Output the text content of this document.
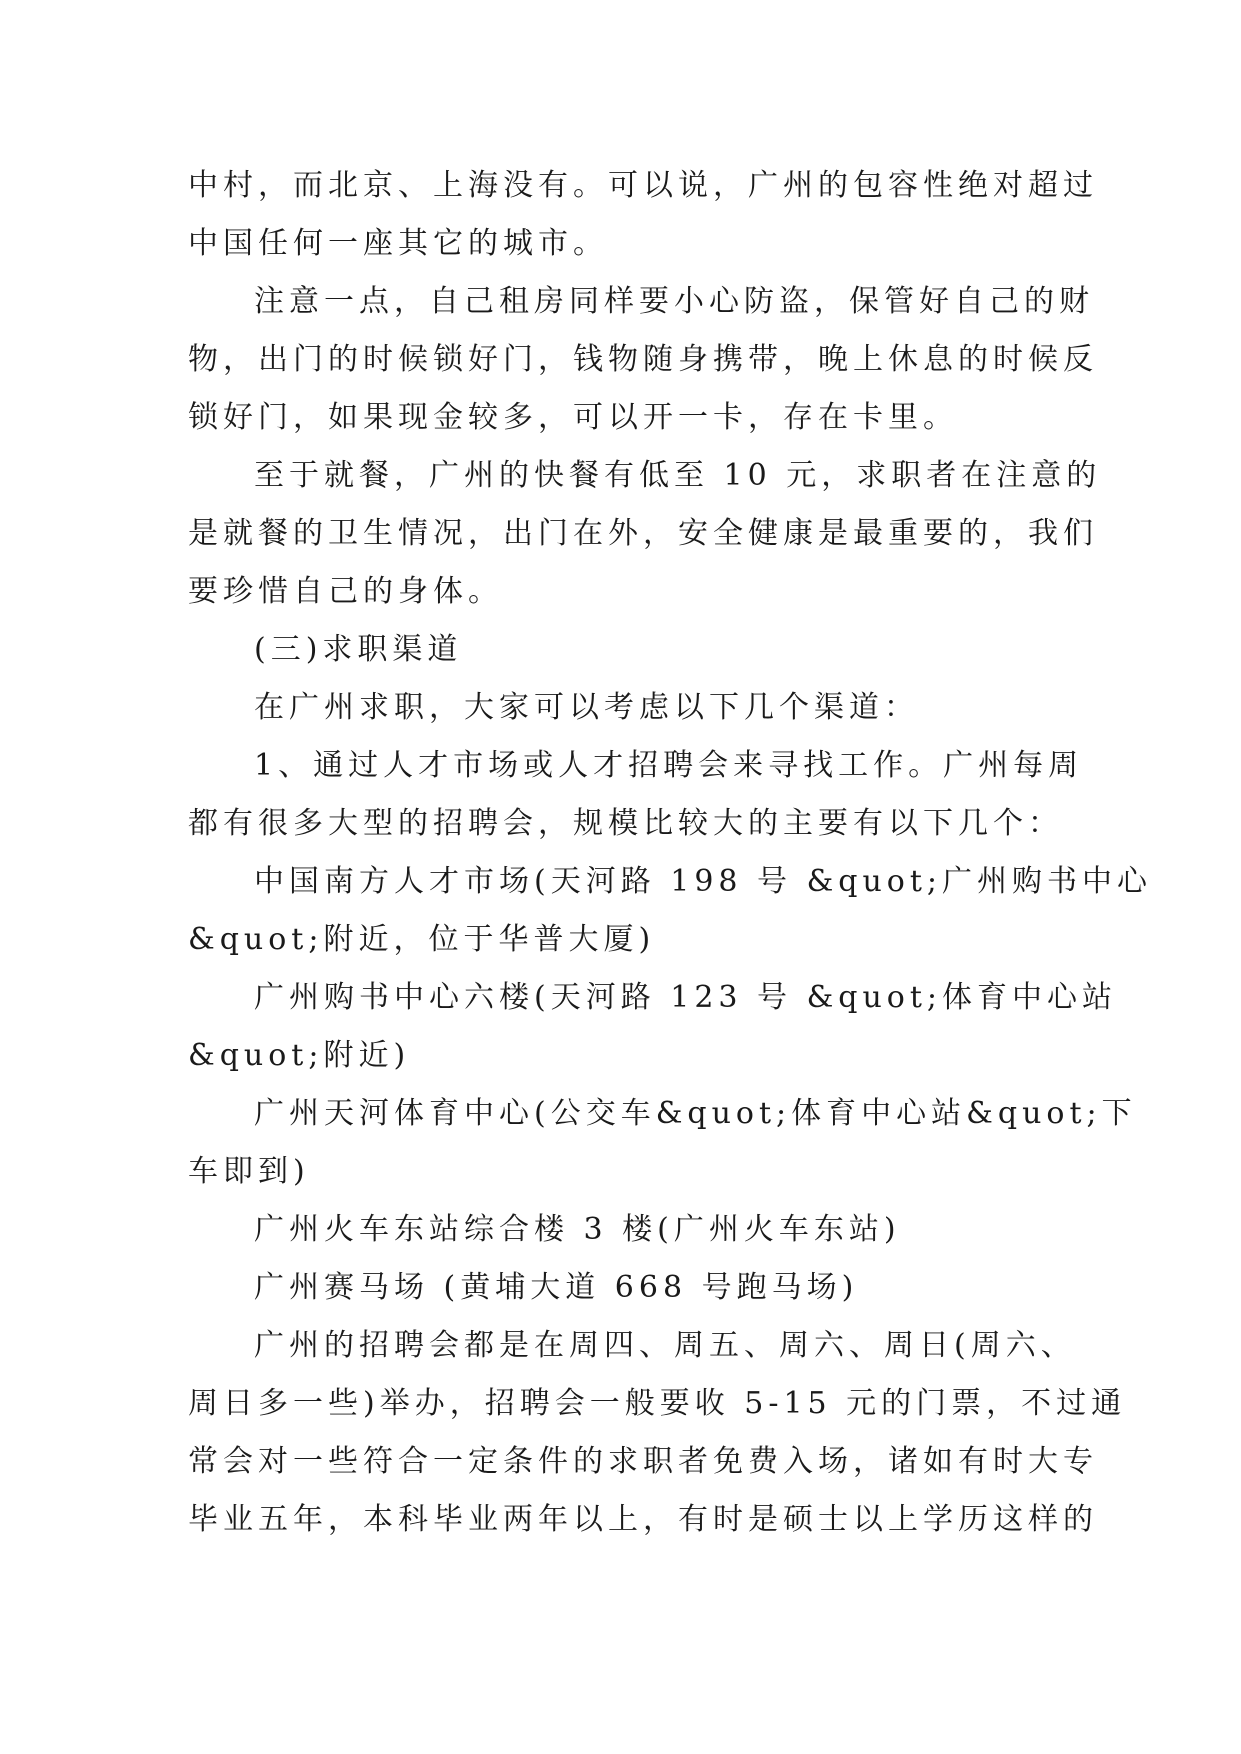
中村，而北京、上海没有。可以说，广州的包容性绝对超过
中国任何一座其它的城市。
注意一点，自己租房同样要小心防盗，保管好自己的财
物，出门的时候锁好门，钱物随身携带，晚上休息的时候反
锁好门，如果现金较多，可以开一卡，存在卡里。
至于就餐，广州的快餐有低至 10 元，求职者在注意的
是就餐的卫生情况，出门在外，安全健康是最重要的，我们
要珍惜自己的身体。
(三)求职渠道
在广州求职，大家可以考虑以下几个渠道：
1、通过人才市场或人才招聘会来寻找工作。广州每周
都有很多大型的招聘会，规模比较大的主要有以下几个：
中国南方人才市场(天河路 198 号 &quot;广州购书中心
&quot;附近，位于华普大厦)
广州购书中心六楼(天河路 123 号 &quot;体育中心站
&quot;附近)
广州天河体育中心(公交车&quot;体育中心站&quot;下
车即到)
广州火车东站综合楼 3 楼(广州火车东站)
广州赛马场 (黄埔大道 668 号跑马场)
广州的招聘会都是在周四、周五、周六、周日(周六、
周日多一些)举办，招聘会一般要收 5-15 元的门票，不过通
常会对一些符合一定条件的求职者免费入场，诸如有时大专
毕业五年，本科毕业两年以上，有时是硕士以上学历这样的
